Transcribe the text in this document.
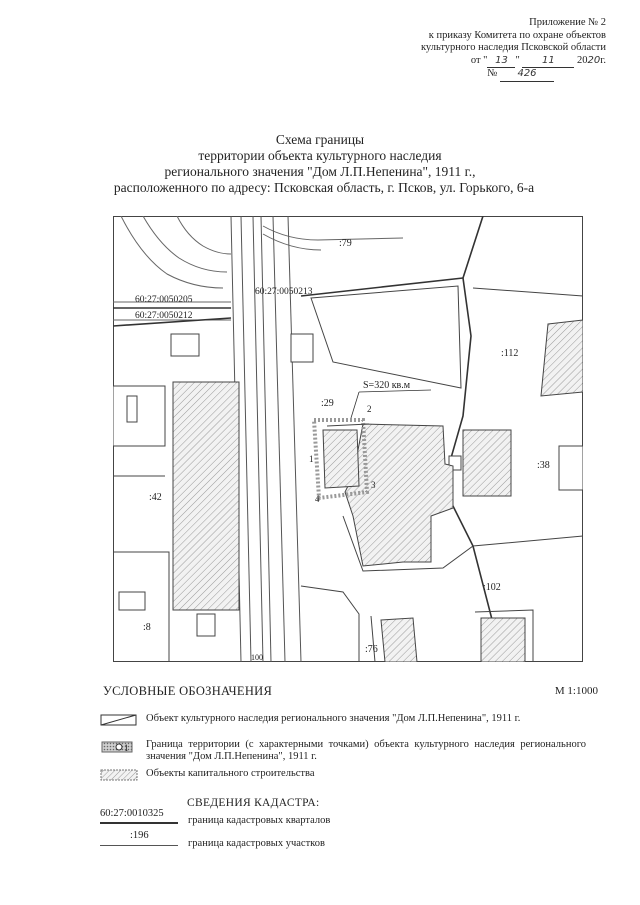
Приложение № 2
к приказу Комитета по охране объектов
культурного наследия Псковской области
от " 13 " 11 2020г.
№ 426
Схема границы
территории объекта культурного наследия
регионального значения "Дом Л.П.Непенина", 1911 г.,
расположенного по адресу: Псковская область, г. Псков, ул. Горького, 6-а
S=320 кв.м
1
2
3
4
:79
:112
:29
:38
:42
:102
:8
:76
60:27:0050205
60:27:0050212
60:27:0050213
100
УСЛОВНЫЕ ОБОЗНАЧЕНИЯ	М 1:1000
Объект культурного наследия регионального значения "Дом Л.П.Непенина", 1911 г.
1 Граница территории (с характерными точками) объекта культурного наследия регионального значения "Дом Л.П.Непенина", 1911 г.
Объекты капитального строительства
СВЕДЕНИЯ КАДАСТРА:
60:27:0010325
граница кадастровых кварталов
:196
граница кадастровых участков
